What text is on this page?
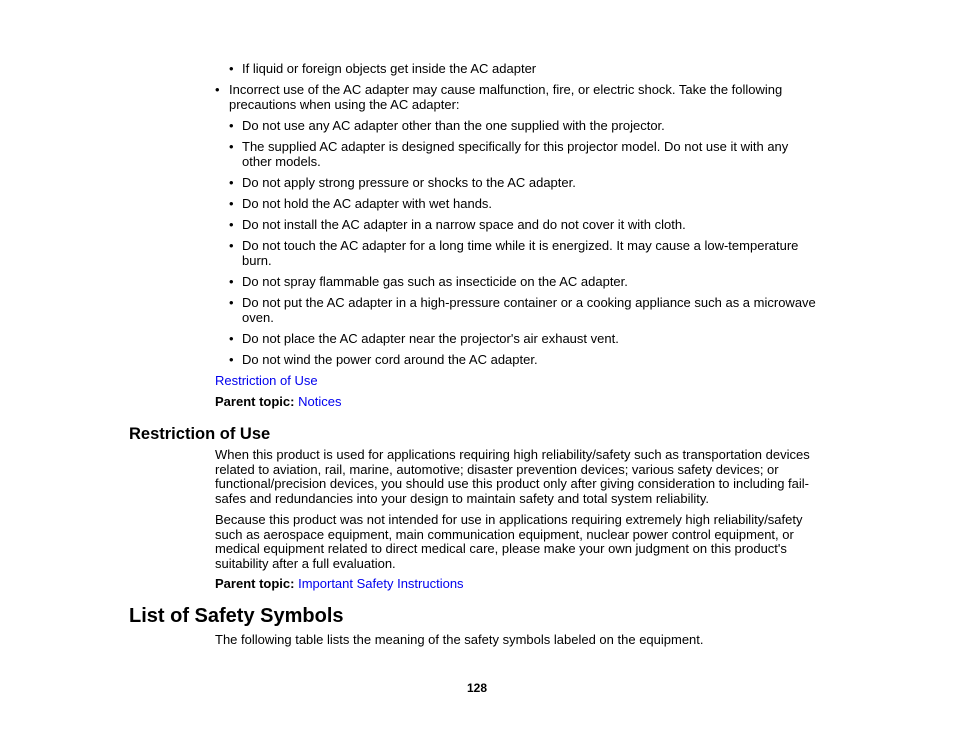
• If liquid or foreign objects get inside the AC adapter
• Incorrect use of the AC adapter may cause malfunction, fire, or electric shock. Take the following
precautions when using the AC adapter:
• Do not use any AC adapter other than the one supplied with the projector.
• The supplied AC adapter is designed specifically for this projector model. Do not use it with any
other models.
• Do not apply strong pressure or shocks to the AC adapter.
• Do not hold the AC adapter with wet hands.
• Do not install the AC adapter in a narrow space and do not cover it with cloth.
• Do not touch the AC adapter for a long time while it is energized. It may cause a low-temperature
burn.
• Do not spray flammable gas such as insecticide on the AC adapter.
• Do not put the AC adapter in a high-pressure container or a cooking appliance such as a microwave
oven.
• Do not place the AC adapter near the projector's air exhaust vent.
• Do not wind the power cord around the AC adapter.
Restriction of Use
Parent topic: Notices
Restriction of Use
When this product is used for applications requiring high reliability/safety such as transportation devices
related to aviation, rail, marine, automotive; disaster prevention devices; various safety devices; or
functional/precision devices, you should use this product only after giving consideration to including fail-
safes and redundancies into your design to maintain safety and total system reliability.
Because this product was not intended for use in applications requiring extremely high reliability/safety
such as aerospace equipment, main communication equipment, nuclear power control equipment, or
medical equipment related to direct medical care, please make your own judgment on this product's
suitability after a full evaluation.
Parent topic: Important Safety Instructions
List of Safety Symbols
The following table lists the meaning of the safety symbols labeled on the equipment.
128
